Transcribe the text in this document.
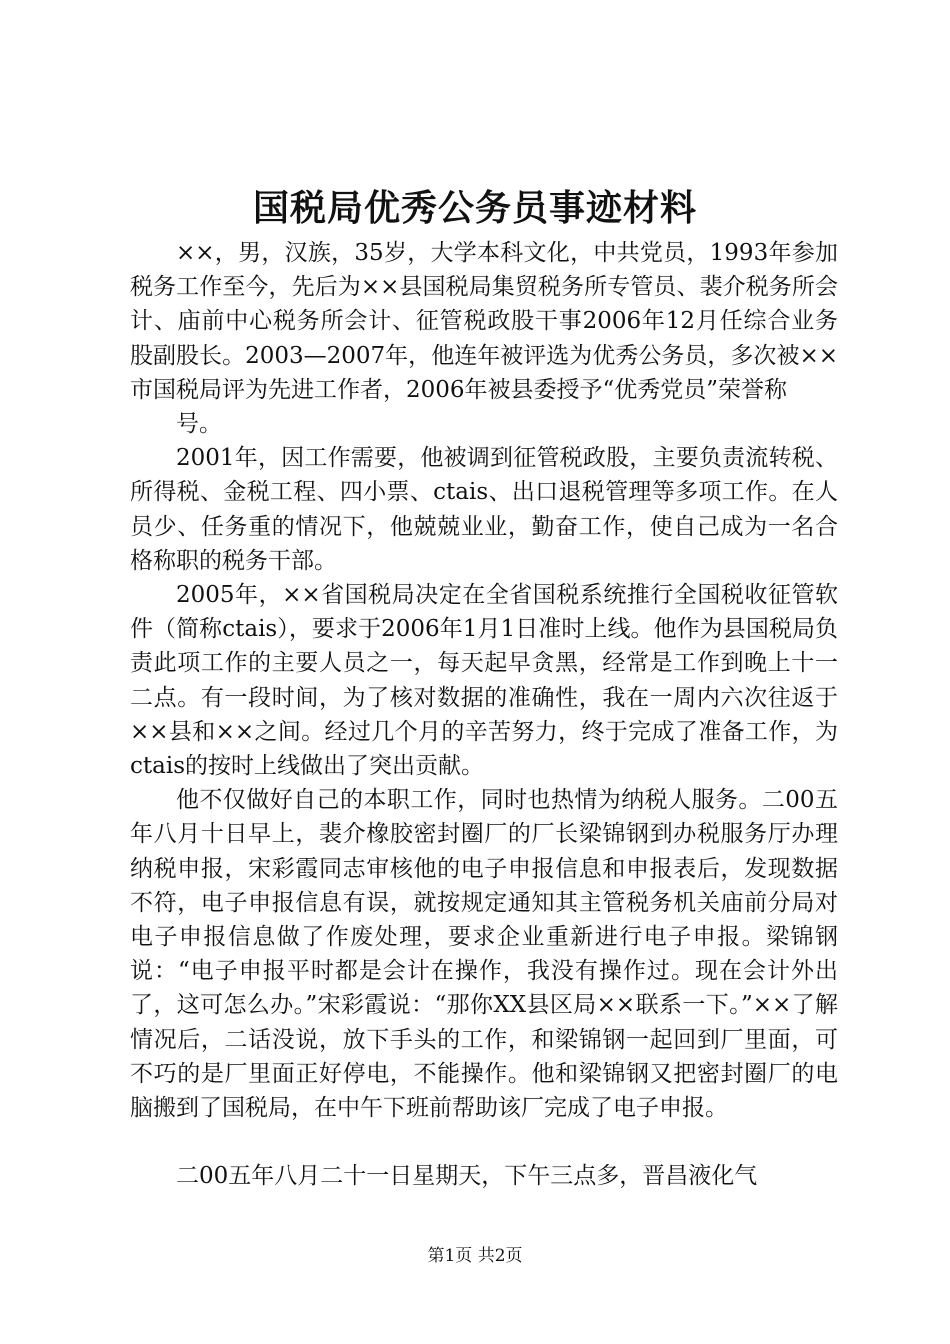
国税局优秀公务员事迹材料

××，男，汉族，35岁，大学本科文化，中共党员，1993年参加税务工作至今，先后为××县国税局集贸税务所专管员、裴介税务所会计、庙前中心税务所会计、征管税政股干事2006年12月任综合业务股副股长。2003—2007年，他连年被评选为优秀公务员，多次被××市国税局评为先进工作者，2006年被县委授予“优秀党员”荣誉称

号。

2001年，因工作需要，他被调到征管税政股，主要负责流转税、所得税、金税工程、四小票、ctais、出口退税管理等多项工作。在人员少、任务重的情况下，他兢兢业业，勤奋工作，使自己成为一名合格称职的税务干部。

2005年，××省国税局决定在全省国税系统推行全国税收征管软件（简称ctais），要求于2006年1月1日准时上线。他作为县国税局负责此项工作的主要人员之一，每天起早贪黑，经常是工作到晚上十一二点。有一段时间，为了核对数据的准确性，我在一周内六次往返于××县和××之间。经过几个月的辛苦努力，终于完成了准备工作，为ctais的按时上线做出了突出贡献。

他不仅做好自己的本职工作，同时也热情为纳税人服务。二00五年八月十日早上，裴介橡胶密封圈厂的厂长梁锦钢到办税服务厅办理纳税申报，宋彩霞同志审核他的电子申报信息和申报表后，发现数据不符，电子申报信息有误，就按规定通知其主管税务机关庙前分局对电子申报信息做了作废处理，要求企业重新进行电子申报。梁锦钢说：“电子申报平时都是会计在操作，我没有操作过。现在会计外出了，这可怎么办。”宋彩霞说：“那你XX县区局××联系一下。”××了解情况后，二话没说，放下手头的工作，和梁锦钢一起回到厂里面，可不巧的是厂里面正好停电，不能操作。他和梁锦钢又把密封圈厂的电脑搬到了国税局，在中午下班前帮助该厂完成了电子申报。

二00五年八月二十一日星期天，下午三点多，晋昌液化气

第1页 共2页
